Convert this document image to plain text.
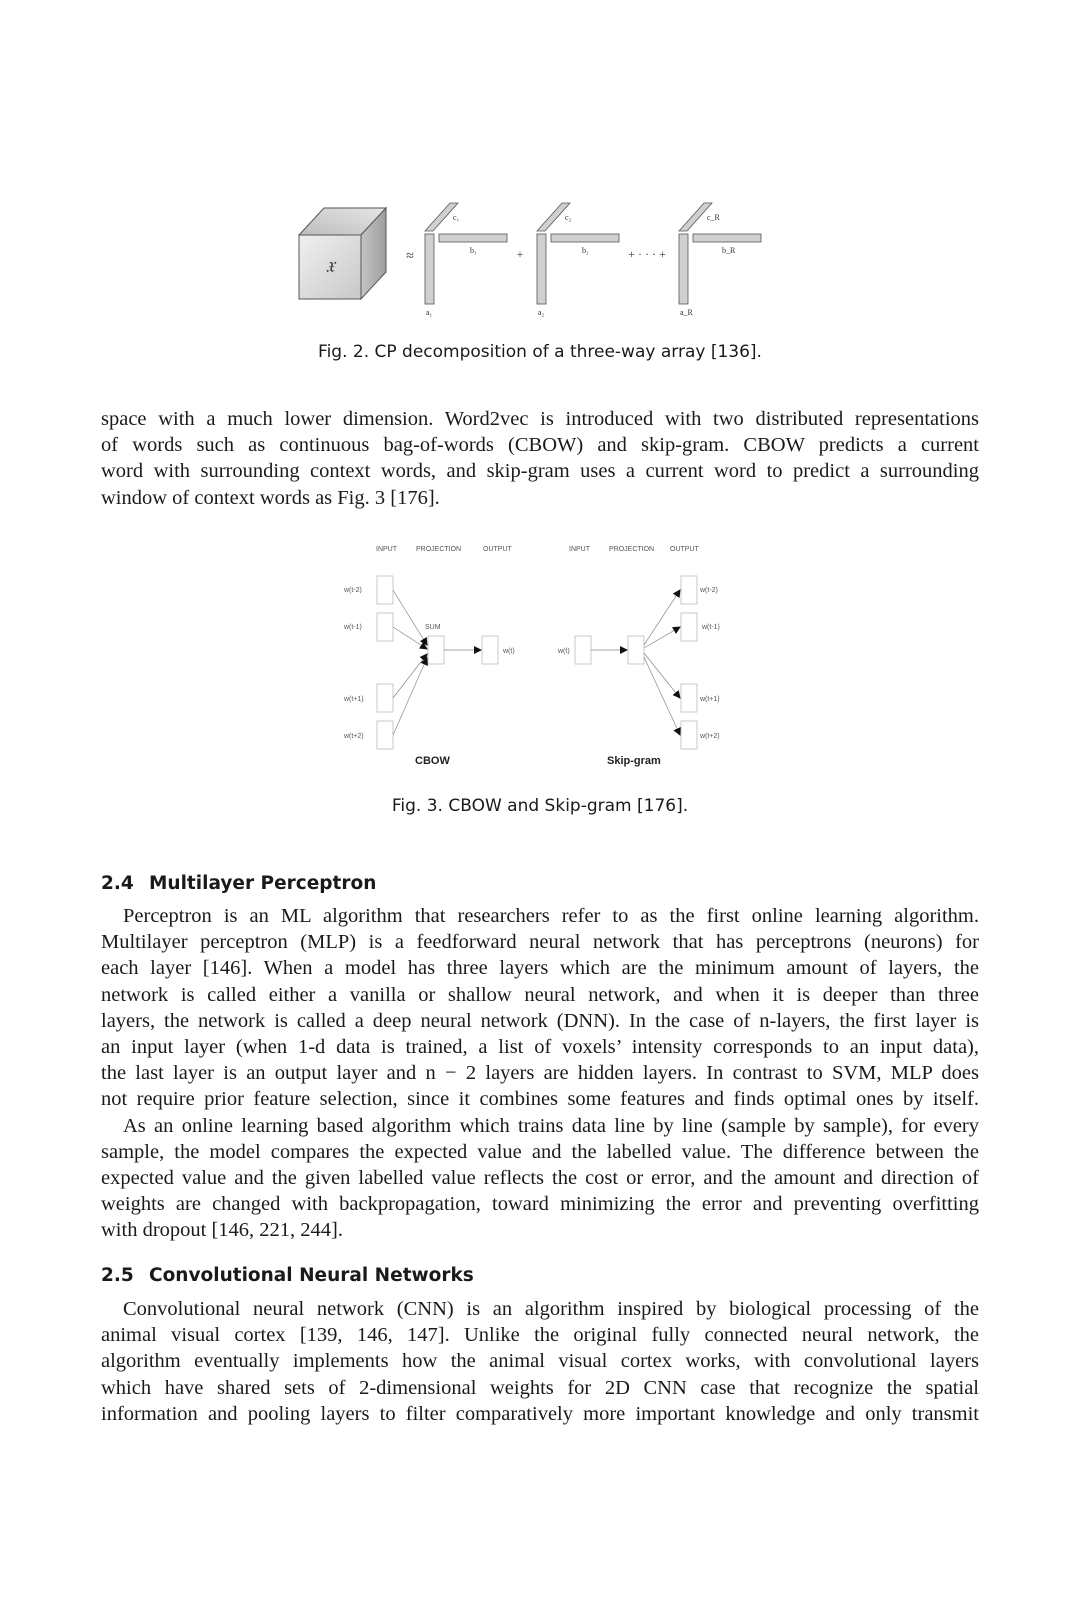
𝔛
≈
c₁
b₁
a₁
+
c₂
b₂
a₂
+ · · · +
c_R
b_R
a_R
Fig. 2. CP decomposition of a three-way array [136].
space with a much lower dimension. Word2vec is introduced with two distributed representations
of words such as continuous bag-of-words (CBOW) and skip-gram. CBOW predicts a current
word with surrounding context words, and skip-gram uses a current word to predict a surrounding
window of context words as Fig. 3 [176].
INPUT	PROJECTION	OUTPUT
w(t-2)
w(t-1)
w(t+1)
w(t+2)
SUM
w(t)
CBOW
INPUT	PROJECTION OUTPUT
w(t)
w(t-2)
w(t-1)
w(t+1)
w(t+2)
Skip-gram
Fig. 3. CBOW and Skip-gram [176].
2.4 Multilayer Perceptron
Perceptron is an ML algorithm that researchers refer to as the first online learning algorithm.
Multilayer perceptron (MLP) is a feedforward neural network that has perceptrons (neurons) for
each layer [146]. When a model has three layers which are the minimum amount of layers, the
network is called either a vanilla or shallow neural network, and when it is deeper than three
layers, the network is called a deep neural network (DNN). In the case of n-layers, the first layer is
an input layer (when 1-d data is trained, a list of voxels’ intensity corresponds to an input data),
the last layer is an output layer and n − 2 layers are hidden layers. In contrast to SVM, MLP does
not require prior feature selection, since it combines some features and finds optimal ones by itself.
As an online learning based algorithm which trains data line by line (sample by sample), for every
sample, the model compares the expected value and the labelled value. The difference between the
expected value and the given labelled value reflects the cost or error, and the amount and direction of
weights are changed with backpropagation, toward minimizing the error and preventing overfitting
with dropout [146, 221, 244].
2.5 Convolutional Neural Networks
Convolutional neural network (CNN) is an algorithm inspired by biological processing of the
animal visual cortex [139, 146, 147]. Unlike the original fully connected neural network, the
algorithm eventually implements how the animal visual cortex works, with convolutional layers
which have shared sets of 2-dimensional weights for 2D CNN case that recognize the spatial
information and pooling layers to filter comparatively more important knowledge and only transmit
